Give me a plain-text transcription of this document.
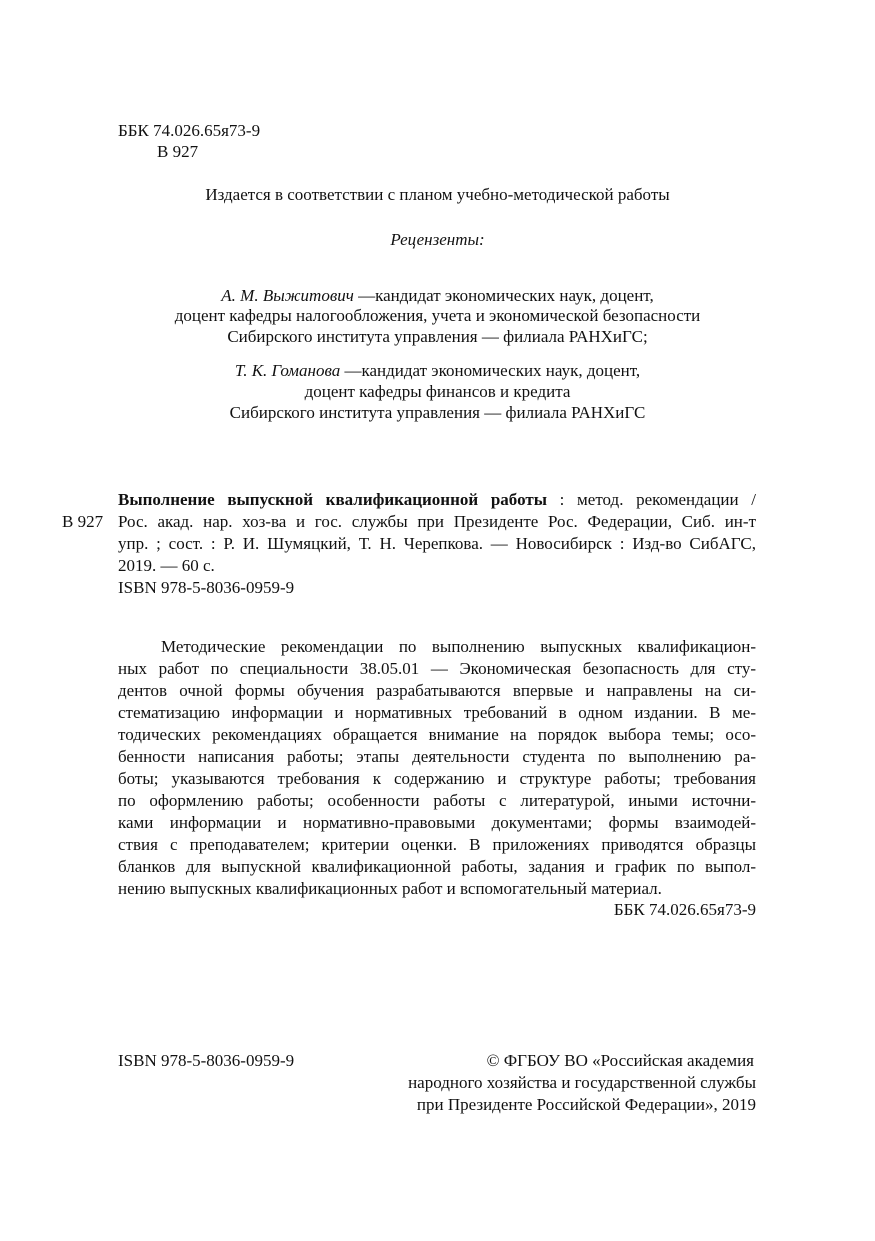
ББК 74.026.65я73-9
В 927
Издается в соответствии с планом учебно-методической работы
Рецензенты:
А. М. Выжитович —кандидат экономических наук, доцент,
доцент кафедры налогообложения, учета и экономической безопасности
Сибирского института управления — филиала РАНХиГС;
Т. К. Гоманова —кандидат экономических наук, доцент,
доцент кафедры финансов и кредита
Сибирского института управления — филиала РАНХиГС
Выполнение выпускной квалификационной работы : метод. рекомендации /
В 927 Рос. акад. нар. хоз-ва и гос. службы при Президенте Рос. Федерации, Сиб. ин-т
упр. ; сост. : Р. И. Шумяцкий, Т. Н. Черепкова. — Новосибирск : Изд-во СибАГС,
2019. — 60 с.
ISBN 978-5-8036-0959-9
Методические рекомендации по выполнению выпускных квалификацион-
ных работ по специальности 38.05.01 — Экономическая безопасность для сту-
дентов очной формы обучения разрабатываются впервые и направлены на си-
стематизацию информации и нормативных требований в одном издании. В ме-
тодических рекомендациях обращается внимание на порядок выбора темы; осо-
бенности написания работы; этапы деятельности студента по выполнению ра-
боты; указываются требования к содержанию и структуре работы; требования
по оформлению работы; особенности работы с литературой, иными источни-
ками информации и нормативно-правовыми документами; формы взаимодей-
ствия с преподавателем; критерии оценки. В приложениях приводятся образцы
бланков для выпускной квалификационной работы, задания и график по выпол-
нению выпускных квалификационных работ и вспомогательный материал.
ББК 74.026.65я73-9
ISBN 978-5-8036-0959-9	© ФГБОУ ВО «Российская академия
народного хозяйства и государственной службы
при Президенте Российской Федерации», 2019
